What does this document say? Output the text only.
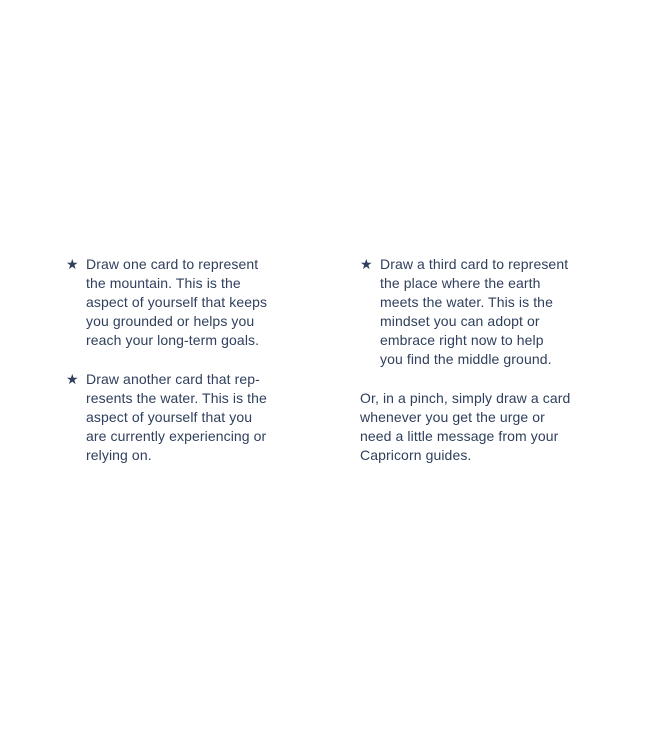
★ Draw one card to represent
the mountain. This is the
aspect of yourself that keeps
you grounded or helps you
reach your long-term goals.
★ Draw another card that rep-
resents the water. This is the
aspect of yourself that you
are currently experiencing or
relying on.
★ Draw a third card to represent
the place where the earth
meets the water. This is the
mindset you can adopt or
embrace right now to help
you find the middle ground.
Or, in a pinch, simply draw a card
whenever you get the urge or
need a little message from your
Capricorn guides.
